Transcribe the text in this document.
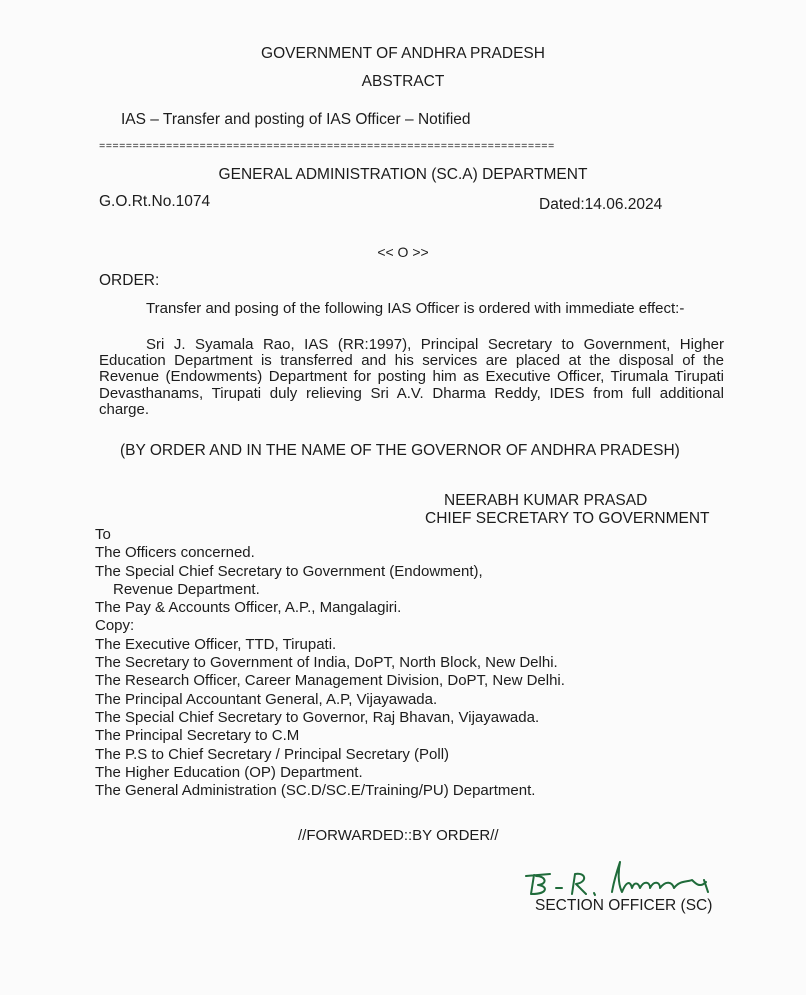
GOVERNMENT OF ANDHRA PRADESH
ABSTRACT
IAS – Transfer and posting of IAS Officer – Notified
====================================================================
GENERAL ADMINISTRATION (SC.A) DEPARTMENT
G.O.Rt.No.1074	Dated:14.06.2024
<< O >>
ORDER:
Transfer and posing of the following IAS Officer is ordered with immediate effect:-
Sri J. Syamala Rao, IAS (RR:1997), Principal Secretary to Government, Higher Education Department is transferred and his services are placed at the disposal of the Revenue (Endowments) Department for posting him as Executive Officer, Tirumala Tirupati Devasthanams, Tirupati duly relieving Sri A.V. Dharma Reddy, IDES from full additional charge.
(BY ORDER AND IN THE NAME OF THE GOVERNOR OF ANDHRA PRADESH)
NEERABH KUMAR PRASAD
CHIEF SECRETARY TO GOVERNMENT
To
The Officers concerned.
The Special Chief Secretary to Government (Endowment),
Revenue Department.
The Pay & Accounts Officer, A.P., Mangalagiri.
Copy:
The Executive Officer, TTD, Tirupati.
The Secretary to Government of India, DoPT, North Block, New Delhi.
The Research Officer, Career Management Division, DoPT, New Delhi.
The Principal Accountant General, A.P, Vijayawada.
The Special Chief Secretary to Governor, Raj Bhavan, Vijayawada.
The Principal Secretary to C.M
The P.S to Chief Secretary / Principal Secretary (Poll)
The Higher Education (OP) Department.
The General Administration (SC.D/SC.E/Training/PU) Department.
//FORWARDED::BY ORDER//
SECTION OFFICER (SC)
